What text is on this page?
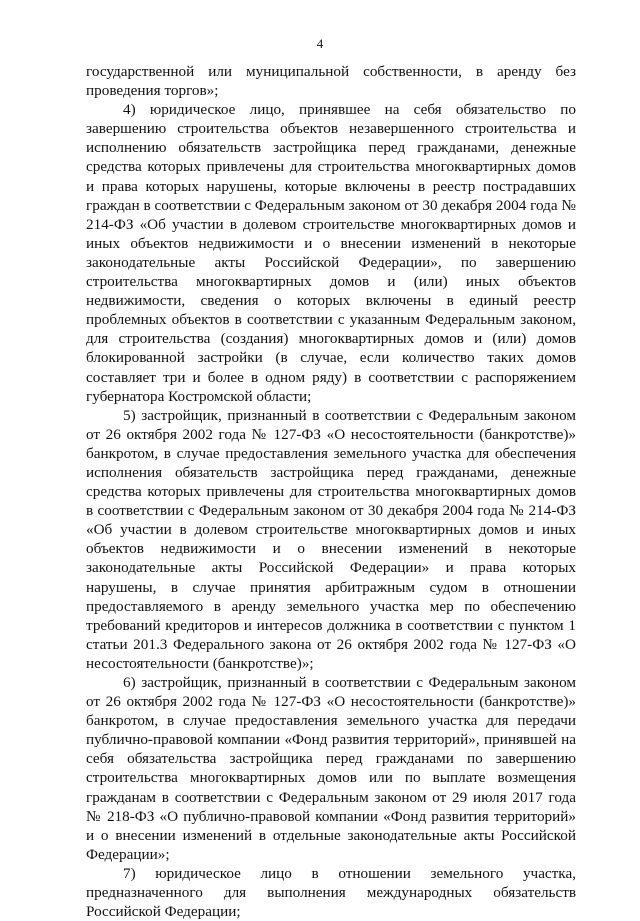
4
государственной или муниципальной собственности, в аренду без
проведения торгов»;
4) юридическое лицо, принявшее на себя обязательство по
завершению строительства объектов незавершенного строительства и
исполнению обязательств застройщика перед гражданами, денежные
средства которых привлечены для строительства многоквартирных домов
и права которых нарушены, которые включены в реестр пострадавших
граждан в соответствии с Федеральным законом от 30 декабря 2004 года №
214-ФЗ «Об участии в долевом строительстве многоквартирных домов и
иных объектов недвижимости и о внесении изменений в некоторые
законодательные акты Российской Федерации», по завершению
строительства многоквартирных домов и (или) иных объектов
недвижимости, сведения о которых включены в единый реестр
проблемных объектов в соответствии с указанным Федеральным законом,
для строительства (создания) многоквартирных домов и (или) домов
блокированной застройки (в случае, если количество таких домов
составляет три и более в одном ряду) в соответствии с распоряжением
губернатора Костромской области;
5) застройщик, признанный в соответствии с Федеральным законом
от 26 октября 2002 года № 127-ФЗ «О несостоятельности (банкротстве)»
банкротом, в случае предоставления земельного участка для обеспечения
исполнения обязательств застройщика перед гражданами, денежные
средства которых привлечены для строительства многоквартирных домов
в соответствии с Федеральным законом от 30 декабря 2004 года № 214-ФЗ
«Об участии в долевом строительстве многоквартирных домов и иных
объектов недвижимости и о внесении изменений в некоторые
законодательные акты Российской Федерации» и права которых
нарушены, в случае принятия арбитражным судом в отношении
предоставляемого в аренду земельного участка мер по обеспечению
требований кредиторов и интересов должника в соответствии с пунктом 1
статьи 201.3 Федерального закона от 26 октября 2002 года № 127-ФЗ «О
несостоятельности (банкротстве)»;
6) застройщик, признанный в соответствии с Федеральным законом
от 26 октября 2002 года № 127-ФЗ «О несостоятельности (банкротстве)»
банкротом, в случае предоставления земельного участка для передачи
публично-правовой компании «Фонд развития территорий», принявшей на
себя обязательства застройщика перед гражданами по завершению
строительства многоквартирных домов или по выплате возмещения
гражданам в соответствии с Федеральным законом от 29 июля 2017 года
№ 218-ФЗ «О публично-правовой компании «Фонд развития территорий»
и о внесении изменений в отдельные законодательные акты Российской
Федерации»;
7) юридическое лицо в отношении земельного участка,
предназначенного для выполнения международных обязательств
Российской Федерации;
